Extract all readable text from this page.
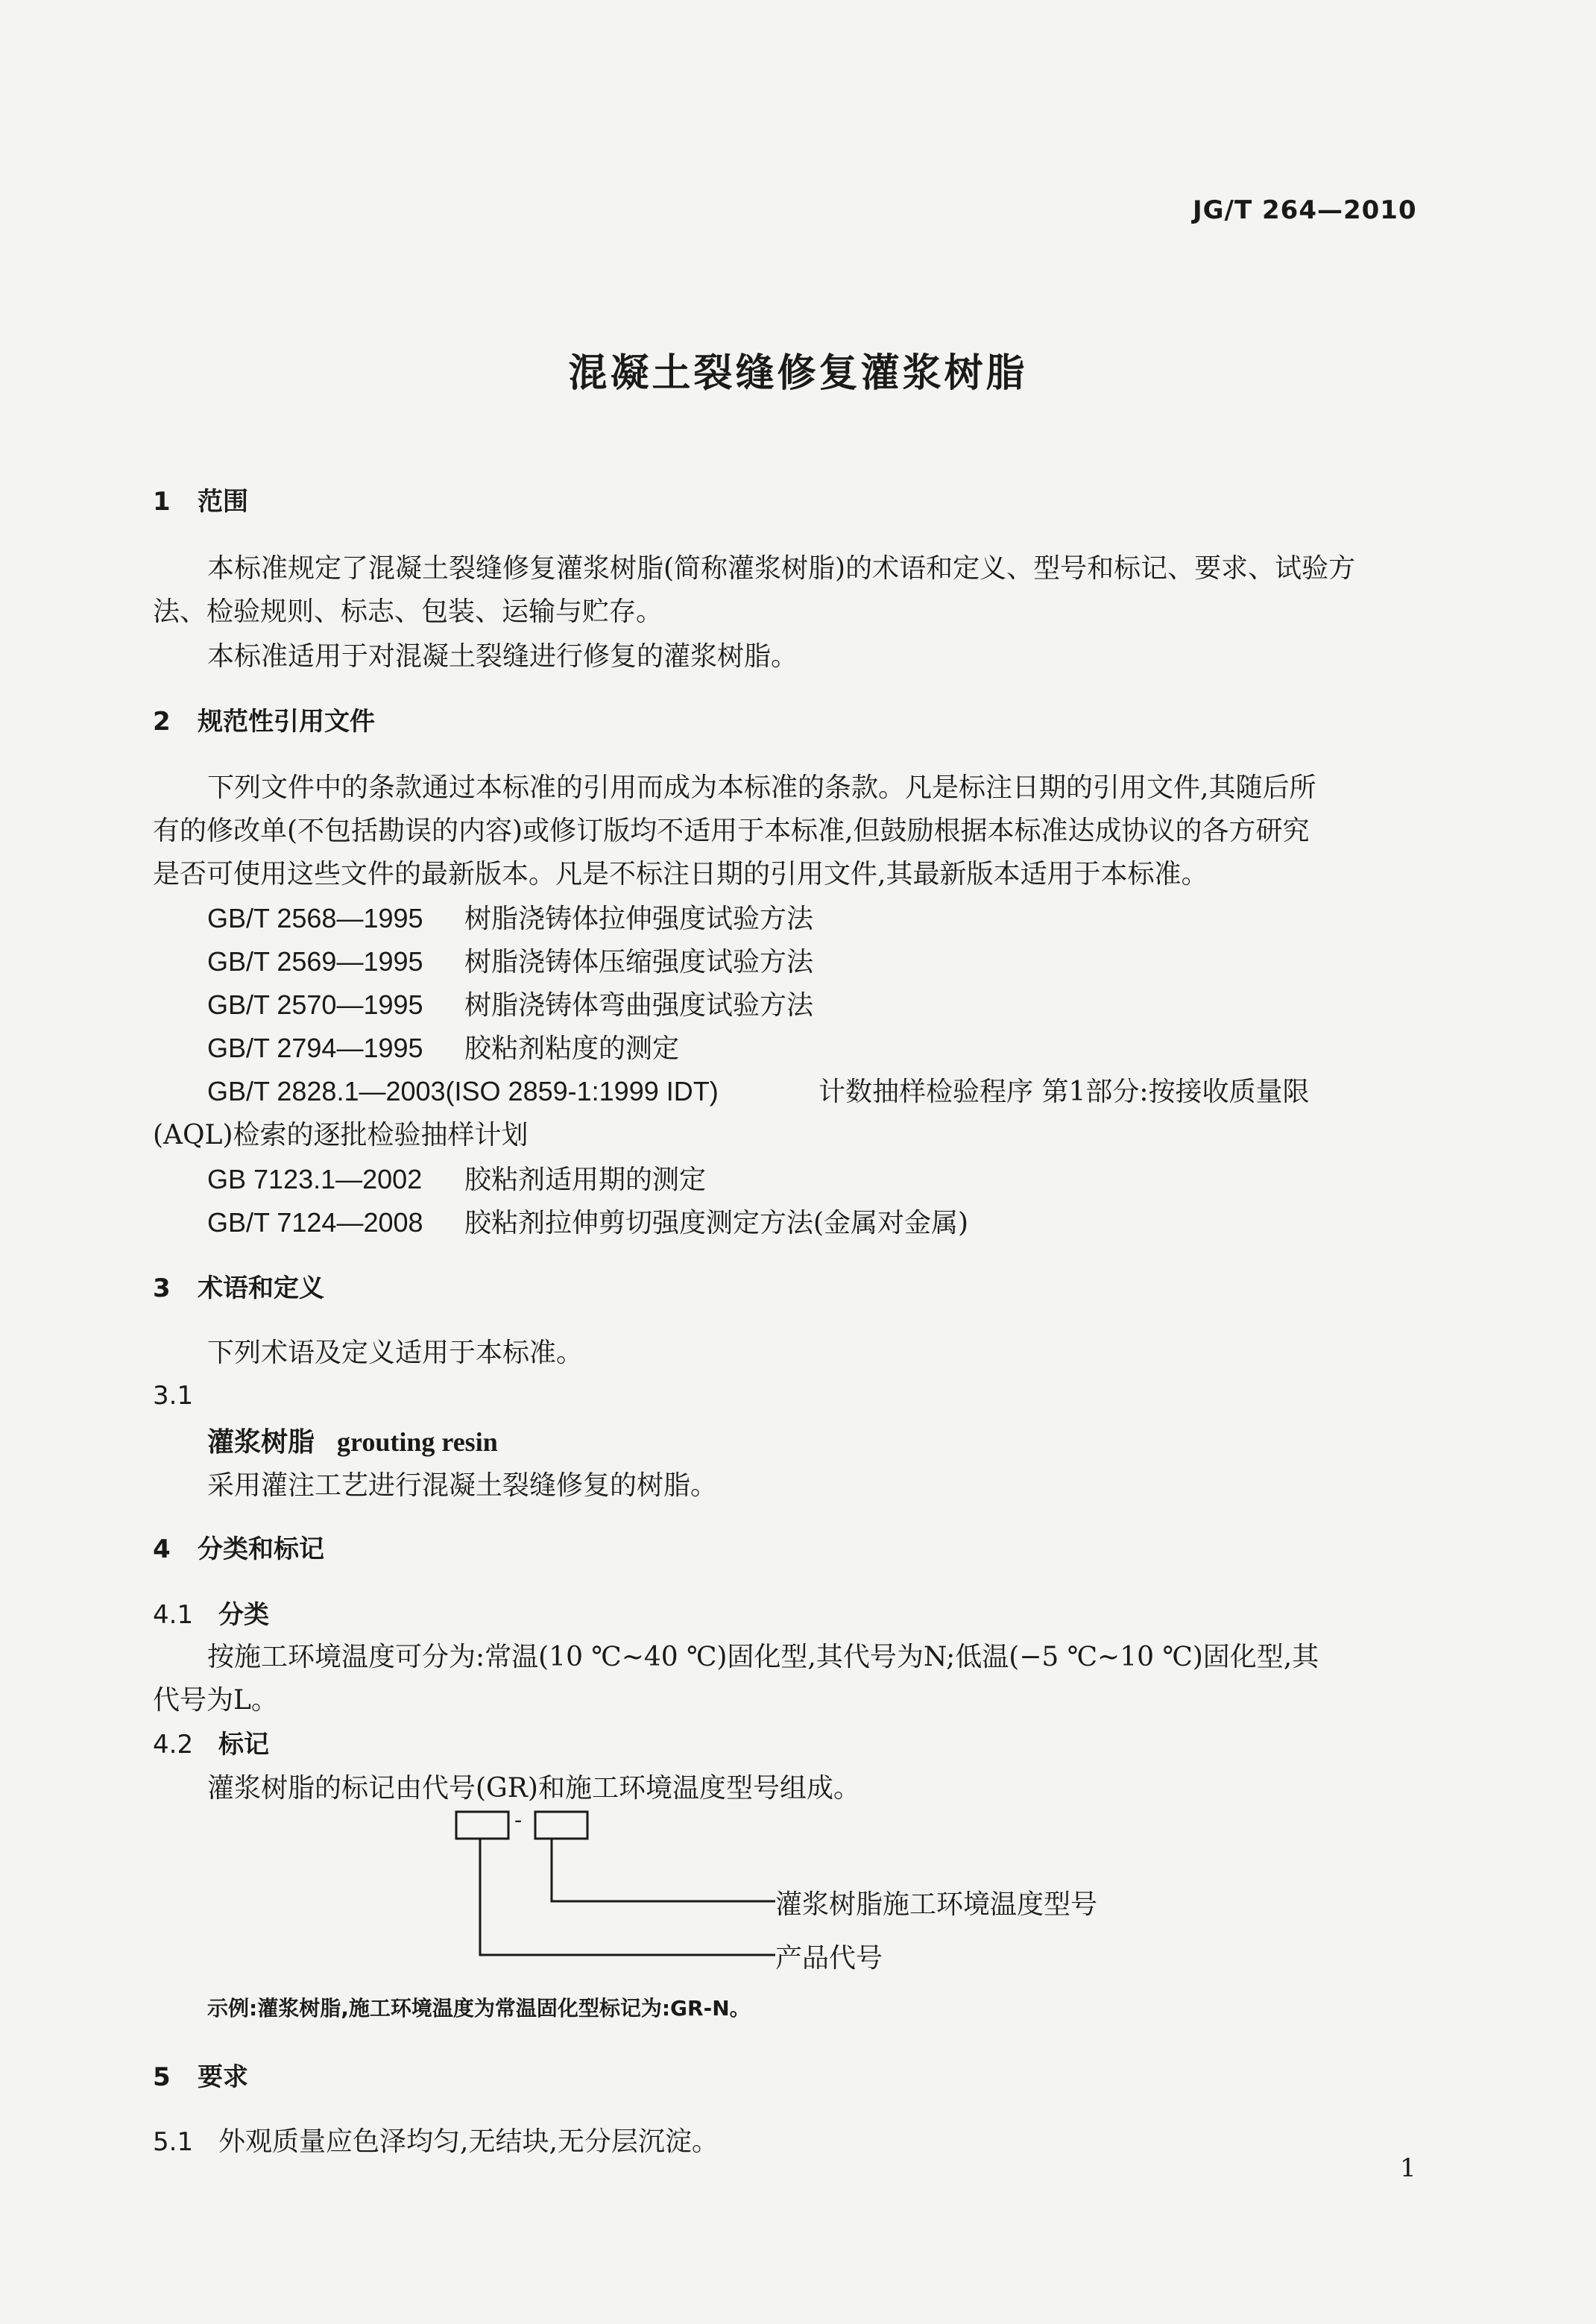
JG/T 264—2010
混凝土裂缝修复灌浆树脂
1 范围
本标准规定了混凝土裂缝修复灌浆树脂(简称灌浆树脂)的术语和定义、型号和标记、要求、试验方
法、检验规则、标志、包装、运输与贮存。
本标准适用于对混凝土裂缝进行修复的灌浆树脂。
2 规范性引用文件
下列文件中的条款通过本标准的引用而成为本标准的条款。凡是标注日期的引用文件,其随后所
有的修改单(不包括勘误的内容)或修订版均不适用于本标准,但鼓励根据本标准达成协议的各方研究
是否可使用这些文件的最新版本。凡是不标注日期的引用文件,其最新版本适用于本标准。
GB/T 2568—1995 树脂浇铸体拉伸强度试验方法
GB/T 2569—1995 树脂浇铸体压缩强度试验方法
GB/T 2570—1995 树脂浇铸体弯曲强度试验方法
GB/T 2794—1995 胶粘剂粘度的测定
GB/T 2828.1—2003(ISO 2859-1:1999 IDT)	计数抽样检验程序 第1部分:按接收质量限
(AQL)检索的逐批检验抽样计划
GB 7123.1—2002 胶粘剂适用期的测定
GB/T 7124—2008 胶粘剂拉伸剪切强度测定方法(金属对金属)
3 术语和定义
下列术语及定义适用于本标准。
3.1
灌浆树脂 grouting resin
采用灌注工艺进行混凝土裂缝修复的树脂。
4 分类和标记
4.1 分类
按施工环境温度可分为:常温(10 ℃~40 ℃)固化型,其代号为N;低温(−5 ℃~10 ℃)固化型,其
代号为L。
4.2 标记
灌浆树脂的标记由代号(GR)和施工环境温度型号组成。
-
灌浆树脂施工环境温度型号
产品代号
示例:灌浆树脂,施工环境温度为常温固化型标记为:GR-N。
5 要求
5.1 外观质量应色泽均匀,无结块,无分层沉淀。
1
